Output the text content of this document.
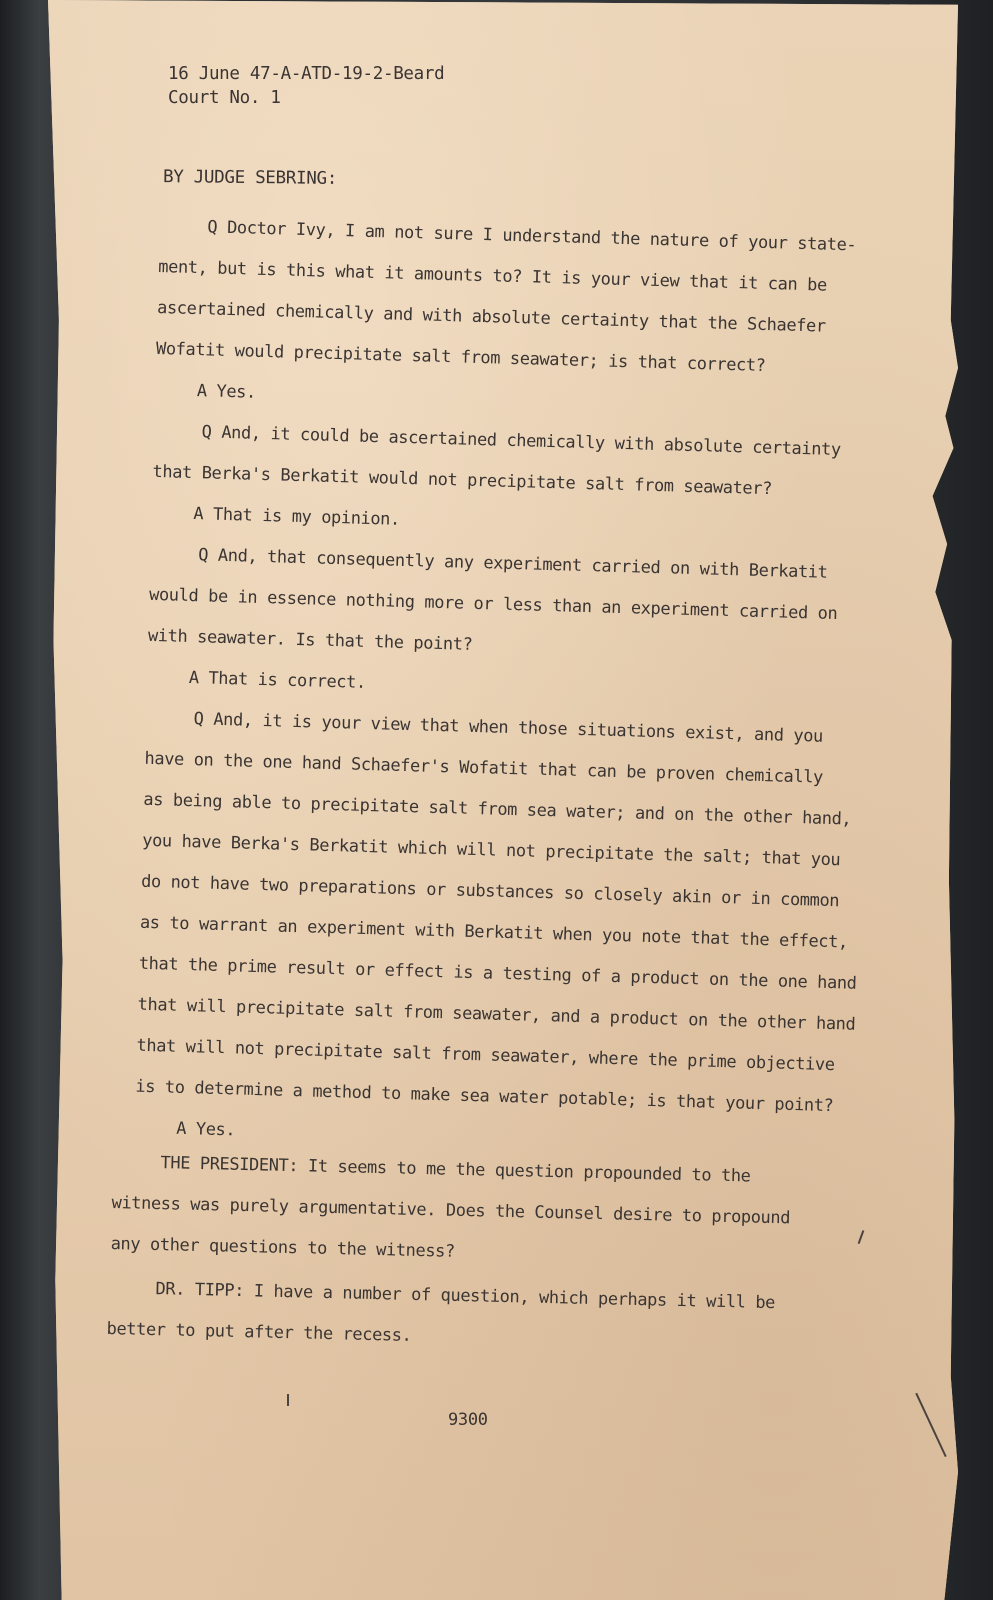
16 June 47-A-ATD-19-2-Beard
Court No. 1
BY JUDGE SEBRING:
Q Doctor Ivy, I am not sure I understand the nature of your state-
ment, but is this what it amounts to? It is your view that it can be
ascertained chemically and with absolute certainty that the Schaefer
Wofatit would precipitate salt from seawater; is that correct?
A Yes.
Q And, it could be ascertained chemically with absolute certainty
that Berka's Berkatit would not precipitate salt from seawater?
A That is my opinion.
Q And, that consequently any experiment carried on with Berkatit
would be in essence nothing more or less than an experiment carried on
with seawater. Is that the point?
A That is correct.
Q And, it is your view that when those situations exist, and you
have on the one hand Schaefer's Wofatit that can be proven chemically
as being able to precipitate salt from sea water; and on the other hand,
you have Berka's Berkatit which will not precipitate the salt; that you
do not have two preparations or substances so closely akin or in common
as to warrant an experiment with Berkatit when you note that the effect,
that the prime result or effect is a testing of a product on the one hand
that will precipitate salt from seawater, and a product on the other hand
that will not precipitate salt from seawater, where the prime objective
is to determine a method to make sea water potable; is that your point?
A Yes.
THE PRESIDENT: It seems to me the question propounded to the
witness was purely argumentative. Does the Counsel desire to propound
any other questions to the witness?
DR. TIPP: I have a number of question, which perhaps it will be
better to put after the recess.
9300
